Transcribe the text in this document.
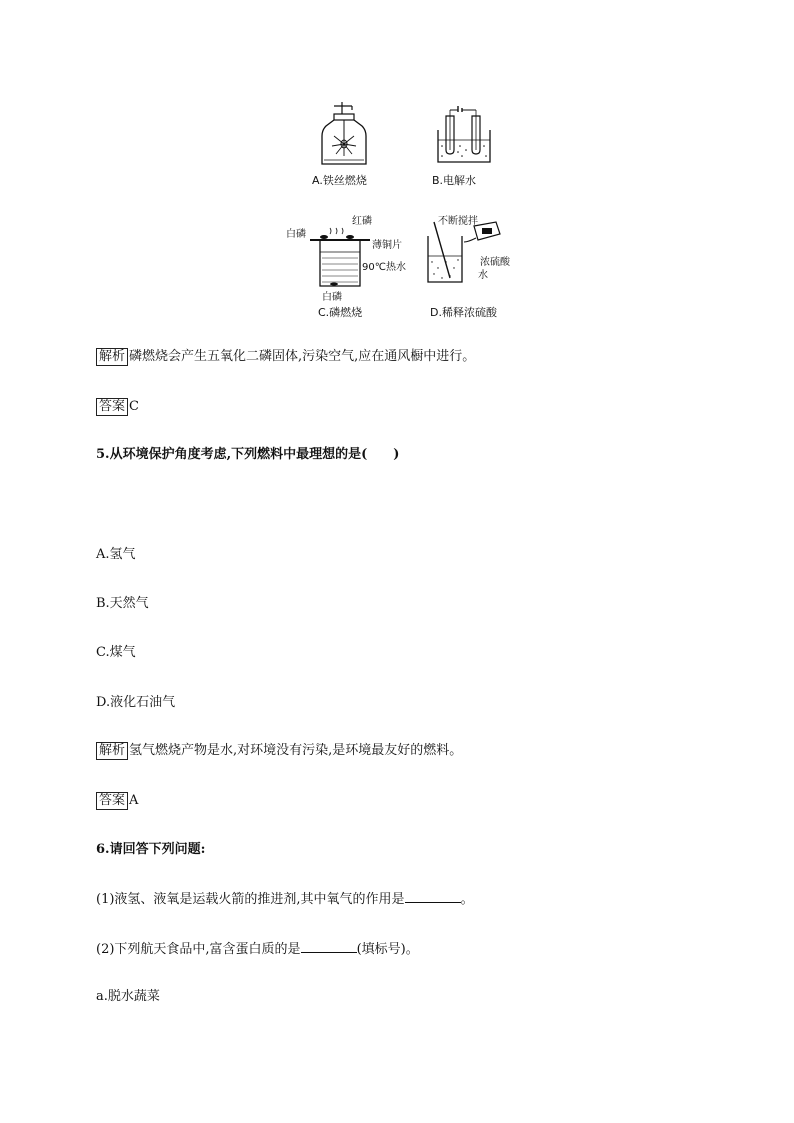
A.铁丝燃烧	B.电解水
白磷
红磷
薄铜片
90℃热水
白磷
C.磷燃烧
不断搅拌
浓硫酸
水
D.稀释浓硫酸
解析 磷燃烧会产生五氧化二磷固体,污染空气,应在通风橱中进行。
答案 C
5.从环境保护角度考虑,下列燃料中最理想的是(　　)
A.氢气
B.天然气
C.煤气
D.液化石油气
解析 氢气燃烧产物是水,对环境没有污染,是环境最友好的燃料。
答案 A
6.请回答下列问题:
(1)液氢、液氧是运载火箭的推进剂,其中氧气的作用是	。
(2)下列航天食品中,富含蛋白质的是	(填标号)。
a.脱水蔬菜
